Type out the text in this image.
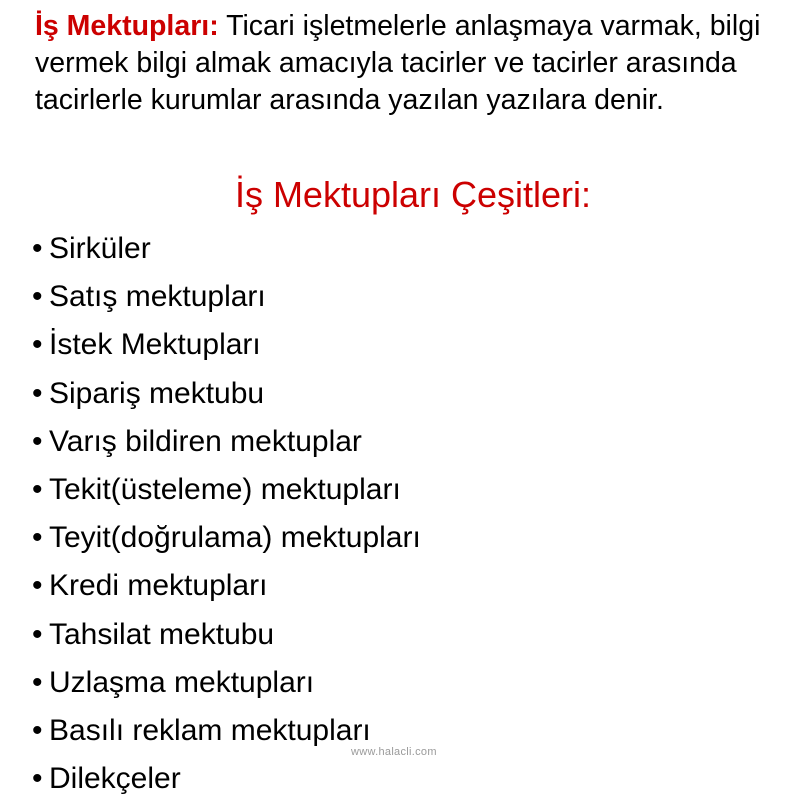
İş Mektupları: Ticari işletmelerle anlaşmaya varmak, bilgi vermek bilgi almak amacıyla tacirler ve tacirler arasında tacirlerle kurumlar arasında yazılan yazılara denir.

İş Mektupları Çeşitleri:
• Sirküler
• Satış mektupları
• İstek Mektupları
• Sipariş mektubu
• Varış bildiren mektuplar
• Tekit(üsteleme) mektupları
• Teyit(doğrulama) mektupları
• Kredi mektupları
• Tahsilat mektubu
• Uzlaşma mektupları
• Basılı reklam mektupları
• Dilekçeler
www.halacli.com
